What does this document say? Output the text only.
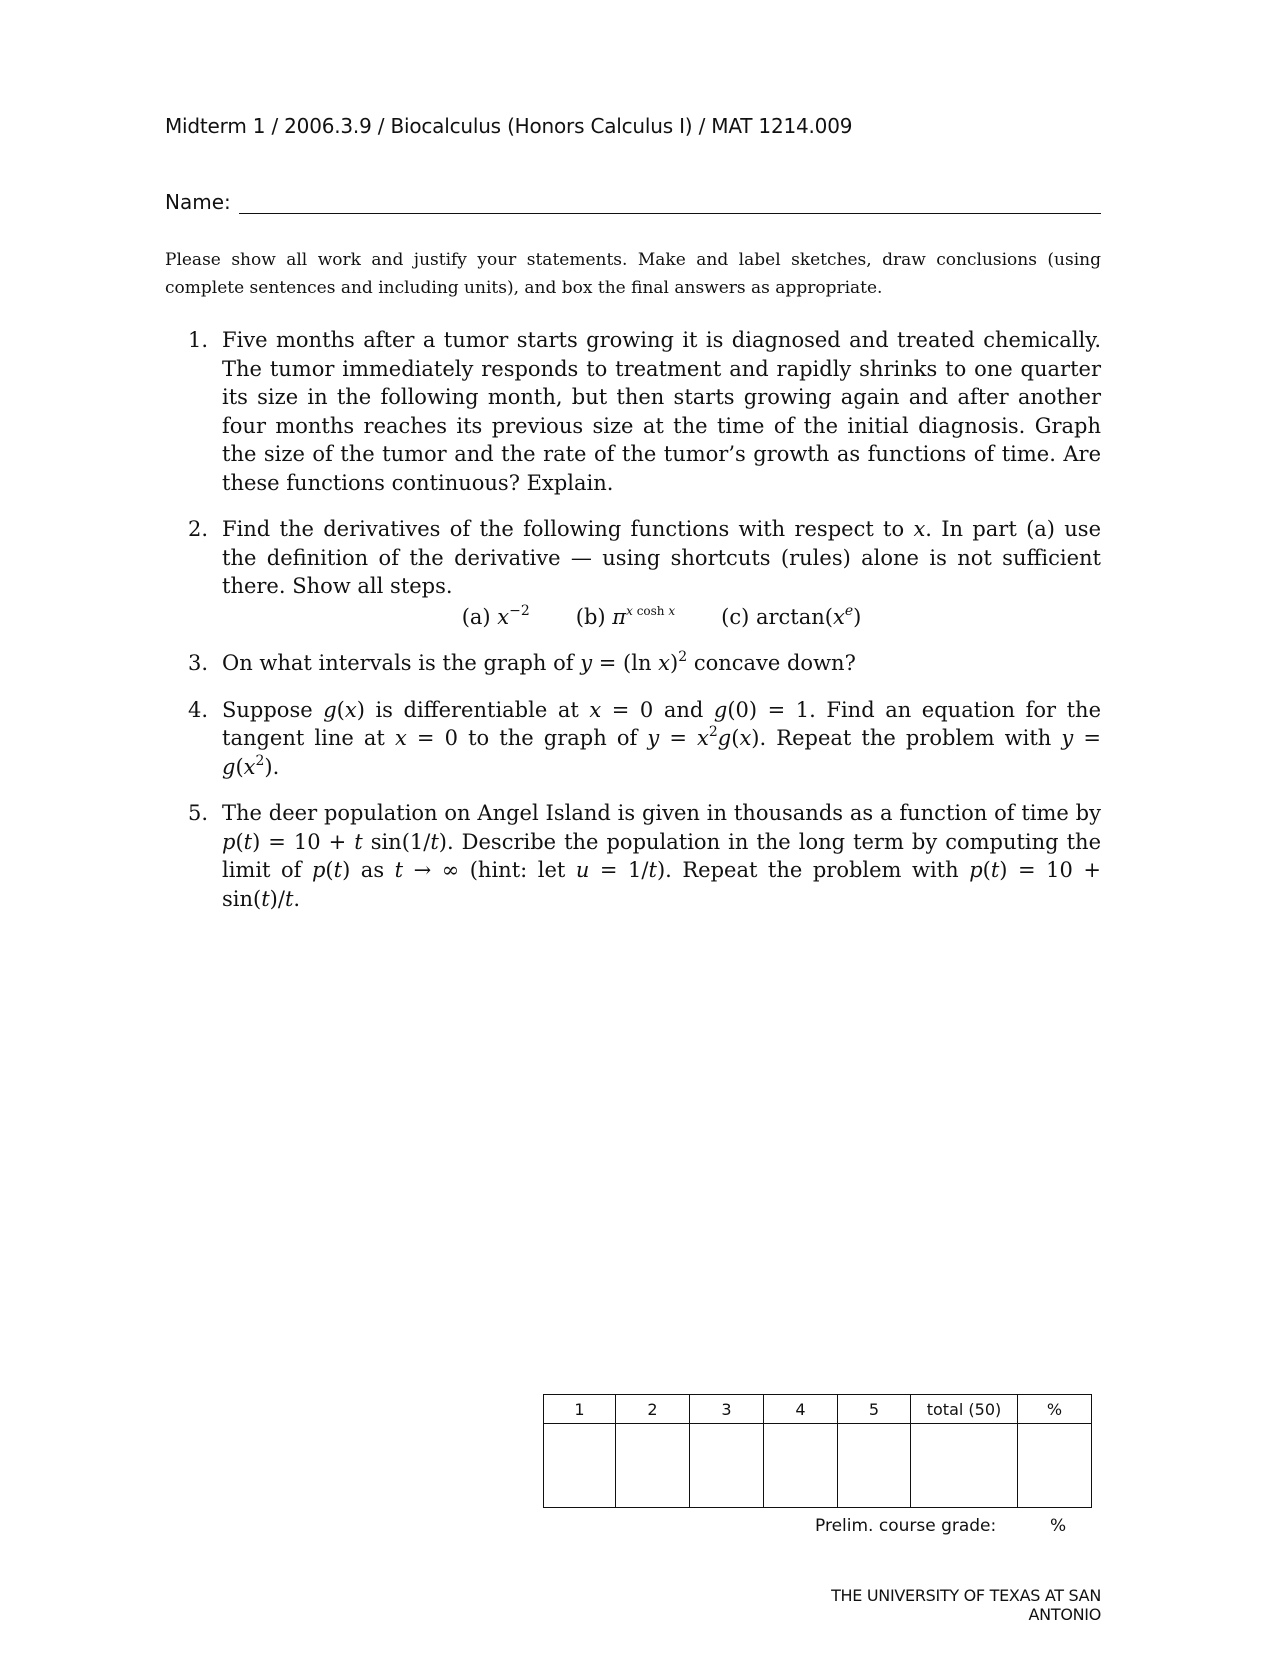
Midterm 1 / 2006.3.9 / Biocalculus (Honors Calculus I) / MAT 1214.009
Name:
Please show all work and justify your statements. Make and label sketches, draw conclusions (using complete sentences and including units), and box the final answers as appropriate.
1. Five months after a tumor starts growing it is diagnosed and treated chemically. The tumor immediately responds to treatment and rapidly shrinks to one quarter its size in the following month, but then starts growing again and after another four months reaches its previous size at the time of the initial diagnosis. Graph the size of the tumor and the rate of the tumor’s growth as functions of time. Are these functions continuous? Explain.
2. Find the derivatives of the following functions with respect to x. In part (a) use the definition of the derivative — using shortcuts (rules) alone is not sufficient there. Show all steps.
(a) $x^{-2}$ (b) $\pi^{x cosh x}$ (c) $\arctan(x^e)$
3. On what intervals is the graph of y = (ln x)$^2$ concave down?
4. Suppose g(x) is differentiable at x = 0 and g(0) = 1. Find an equation for the tangent line at x = 0 to the graph of $y = x^2g(x)$. Repeat the problem with $y = g(x^2)$.
5. The deer population on Angel Island is given in thousands as a function of time by p(t) = 10 + t sin(1/t). Describe the population in the long term by computing the limit of p(t) as t → ∞ (hint: let u = 1/t). Repeat the problem with p(t) = 10 + sin(t)/t.
1	2	3	4	5	total (50)	%

Prelim. course grade:	%
THE UNIVERSITY OF TEXAS AT SAN ANTONIO
